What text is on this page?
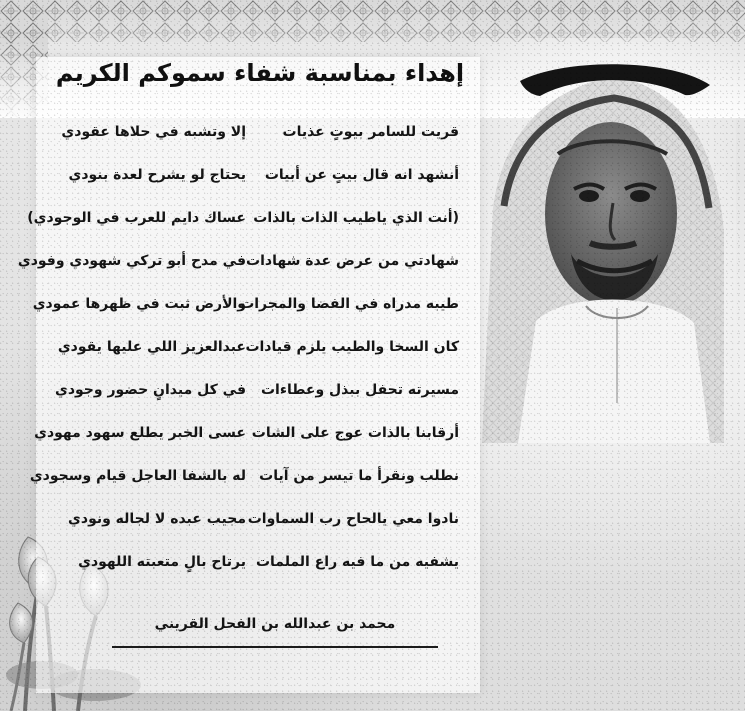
إهداء بمناسبة شفاء سموكم الكريم
قريت للسامر بيوتٍ عذيات
إلا وتشبه في حلاها عقودي
أنشهد انه قال بيتٍ عن أبيات
يحتاج لو يشرح لعدة بنودي
(أنت الذي ياطيب الذات بالذات
عساك دايم للعرب في الوجودي)
شهادتي من عرض عدة شهادات
في مدح أبو تركي شهودي وفودي
طيبه مدراه في الفضا والمجرات
والأرض ثبت في ظهرها عمودي
كان السخا والطيب يلزم قيادات
عبدالعزيز اللي عليها يقودي
مسيرته تحفل ببذل وعطاءات
في كل ميدانٍ حضور وجودي
أرقابنا بالذات عوج على الشات
عسى الخبر يطلع سهود مهودي
نطلب ونقرأ ما تيسر من آيات
له بالشفا العاجل قيام وسجودي
نادوا معي يالحاح رب السماوات
مجيب عبده لا لجاله ونودي
يشفيه من ما فيه راع الملمات
يرتاح بالٍ متعبته اللهودي
محمد بن عبدالله بن الفحل القريني
